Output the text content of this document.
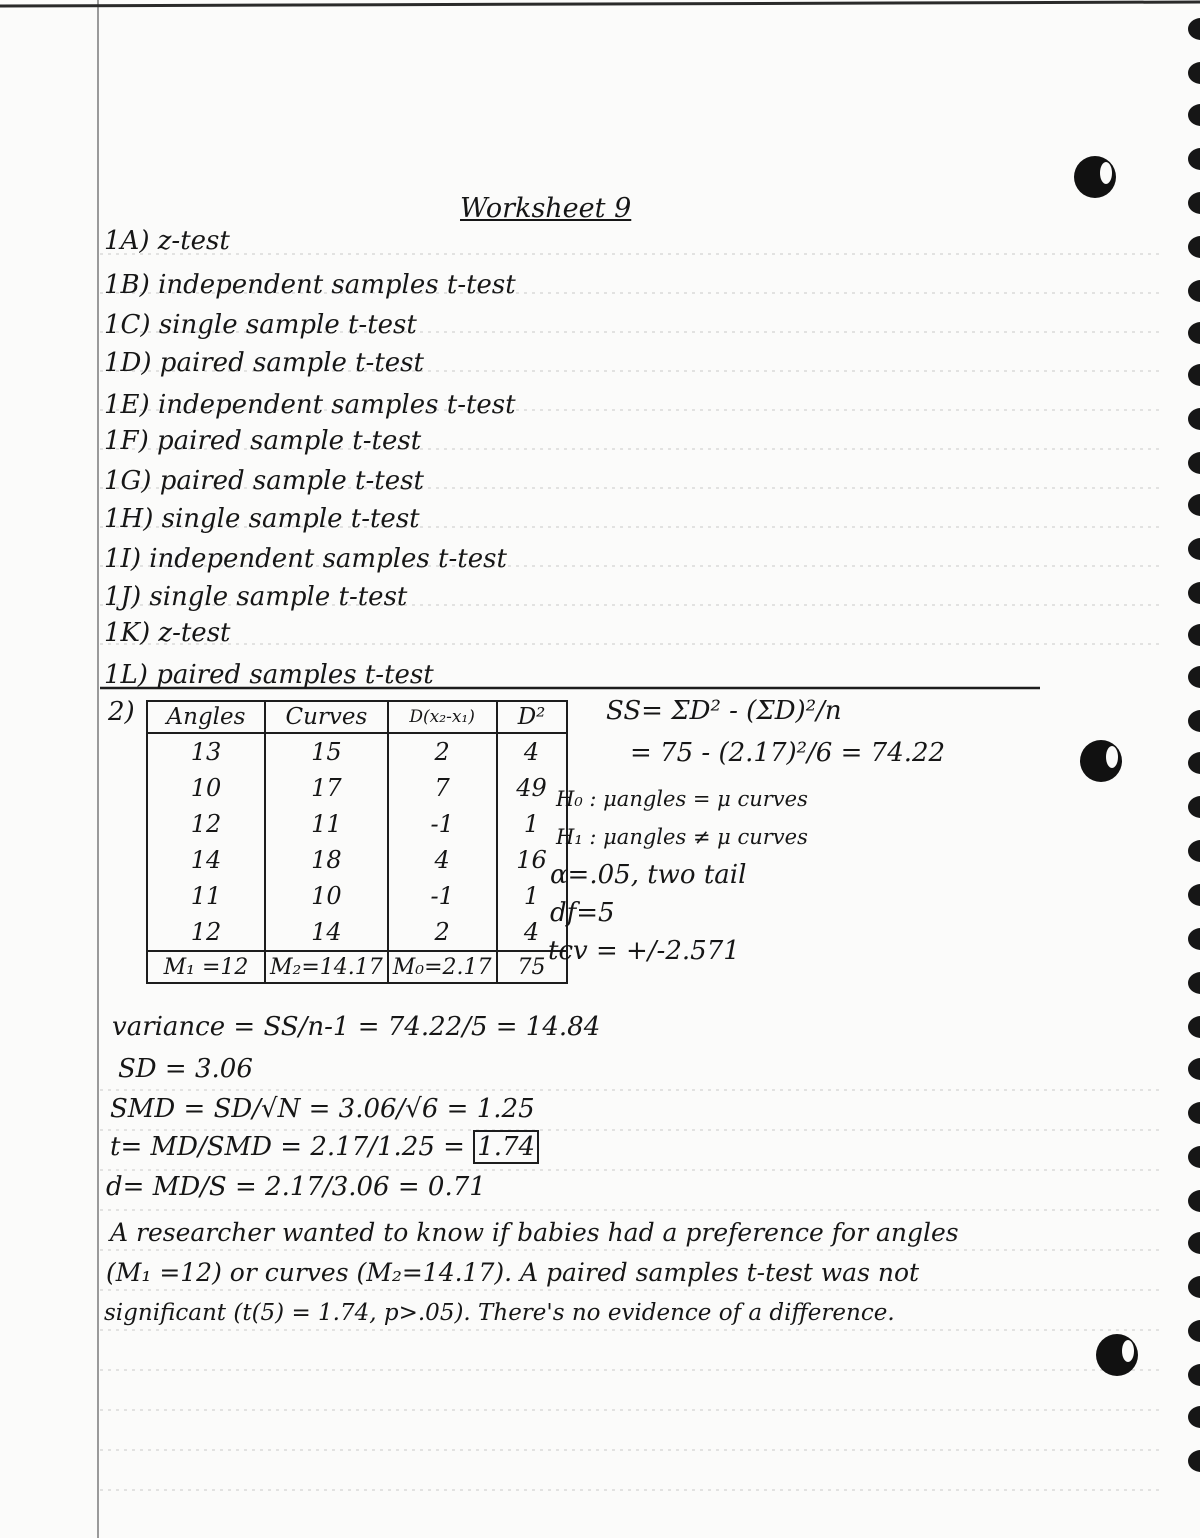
Worksheet 9
1A) z-test
1B) independent samples t-test
1C) single sample t-test
1D) paired sample t-test
1E) independent samples t-test
1F) paired sample t-test
1G) paired sample t-test
1H) single sample t-test
1I) independent samples t-test
1J) single sample t-test
1K) z-test
1L) paired samples t-test
2) Angles	Curves	D(x₂-x₁)	D²
13	15	2	4
10	17	7	49
12	11	-1	1
14	18	4	16
11	10	-1	1
12	14	2	4
M₁ =12	M₂=14.17	M₀=2.17	75
SS= ΣD² - (ΣD)²/n
= 75 - (2.17)²/6 = 74.22
H₀ : μangles = μ curves
H₁ : μangles ≠ μ curves
α=.05, two tail
df=5
tcv = +/-2.571
variance = SS/n-1 = 74.22/5 = 14.84
SD = 3.06
SMD = SD/√N = 3.06/√6 = 1.25
t= MD/SMD = 2.17/1.25 = 1.74
d= MD/S = 2.17/3.06 = 0.71
A researcher wanted to know if babies had a preference for angles
(M₁ =12) or curves (M₂=14.17). A paired samples t-test was not
significant (t(5) = 1.74, p>.05). There's no evidence of a difference.
